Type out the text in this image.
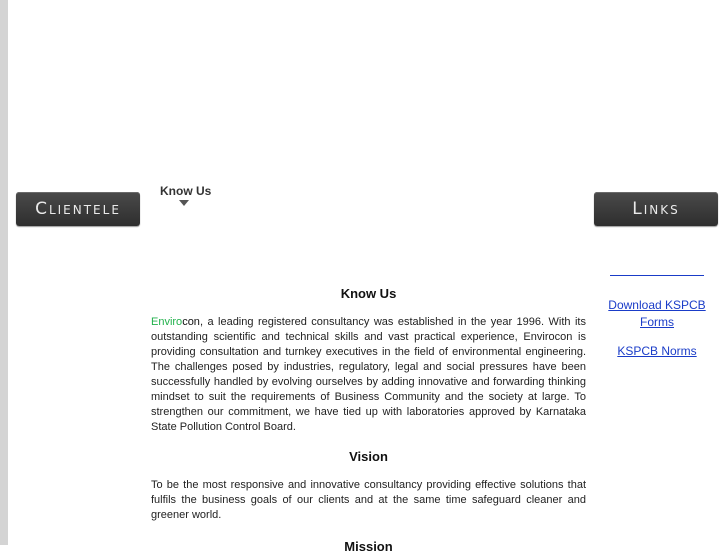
Clientele
Know Us
Links
Know Us

Envirocon, a leading registered consultancy was established in the year 1996. With its outstanding scientific and technical skills and vast practical experience, Envirocon is providing consultation and turnkey executives in the field of environmental engineering. The challenges posed by industries, regulatory, legal and social pressures have been successfully handled by evolving ourselves by adding innovative and forwarding thinking mindset to suit the requirements of Business Community and the society at large. To strengthen our commitment, we have tied up with laboratories approved by Karnataka State Pollution Control Board.

Vision

To be the most responsive and innovative consultancy providing effective solutions that fulfils the business goals of our clients and at the same time safeguard cleaner and greener world.

Mission
Download KSPCB Forms
KSPCB Norms
